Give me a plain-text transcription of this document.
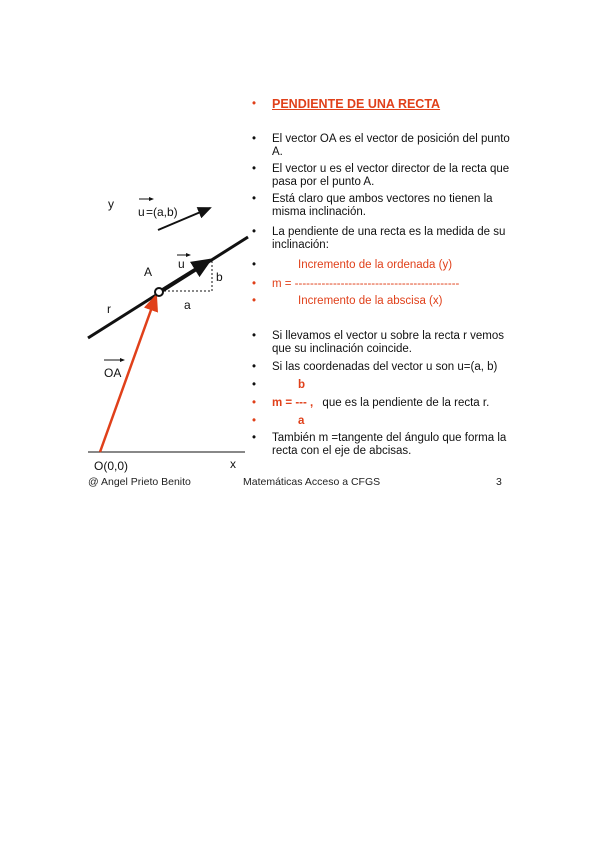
x
y
r
u =(a,b)
u
b
a
OA
A
O(0,0)
•	PENDIENTE DE UNA RECTA
•	El vector OA es el vector de posición del punto A.
•	El vector u es el vector director de la recta que pasa por el punto A.
•	Está claro que ambos vectores no tienen la misma inclinación.
•	La pendiente de una recta es la medida de su inclinación:
•	Incremento de la ordenada (y)
•	m = -------------------------------------------
•	Incremento de la abscisa (x)
•	Si llevamos el vector u sobre la recta r vemos que su inclinación coincide.
•	Si las coordenadas del vector u son u=(a, b)
•	b
•	m = --- , que es la pendiente de la recta r.
•	a
•	También m =tangente del ángulo que forma la recta con el eje de abcisas.
@ Angel Prieto Benito	Matemáticas Acceso a CFGS	3
